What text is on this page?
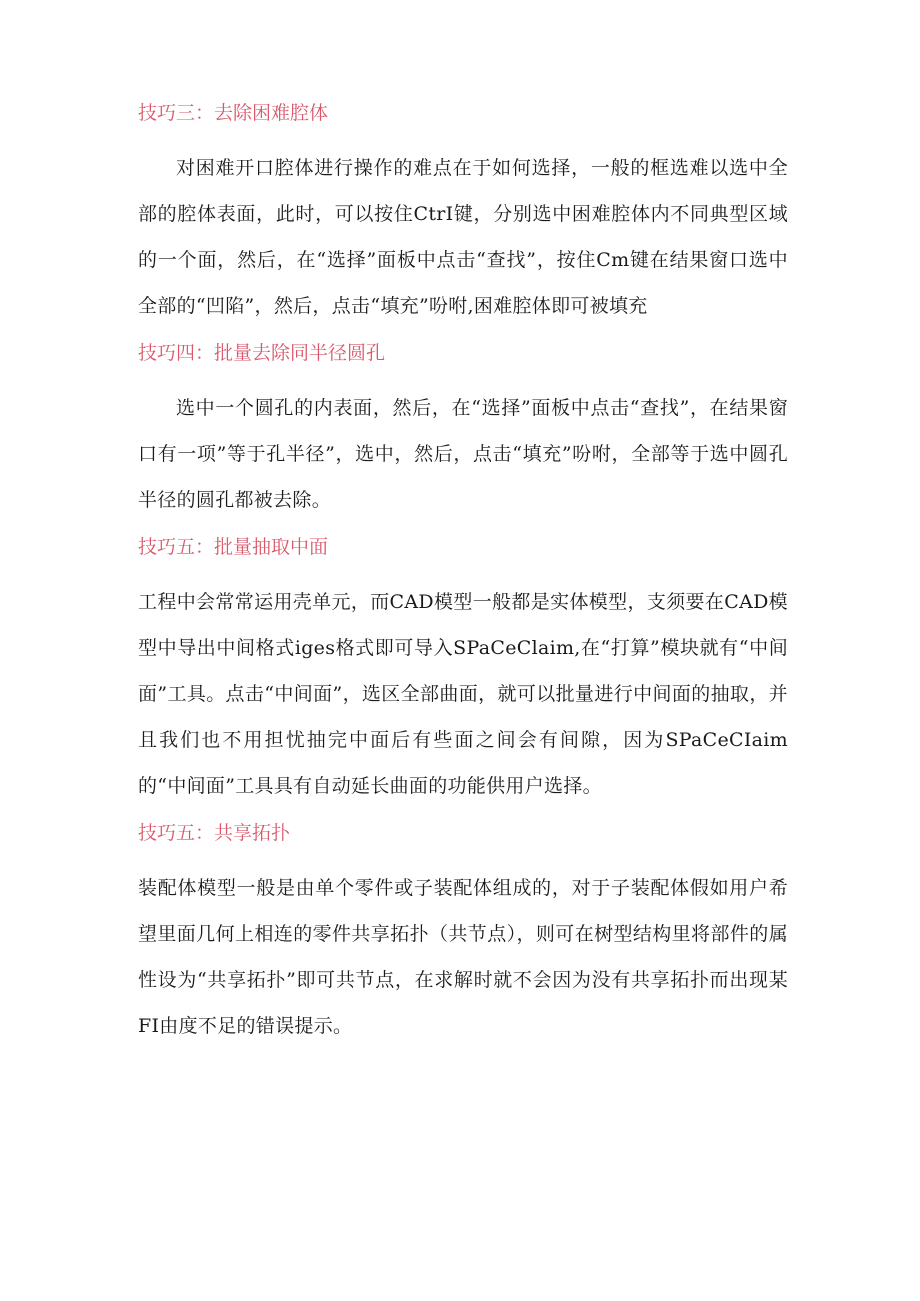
技巧三：去除困难腔体

对困难开口腔体进行操作的难点在于如何选择，一般的框选难以选中全部的腔体表面，此时，可以按住CtrI键，分别选中困难腔体内不同典型区域的一个面，然后，在“选择”面板中点击“查找”，按住Cm键在结果窗口选中全部的“凹陷”，然后，点击“填充”吩咐,困难腔体即可被填充

技巧四：批量去除同半径圆孔

选中一个圆孔的内表面，然后，在“选择”面板中点击“查找”，在结果窗口有一项”等于孔半径”，选中，然后，点击“填充”吩咐，全部等于选中圆孔半径的圆孔都被去除。

技巧五：批量抽取中面

工程中会常常运用壳单元，而CAD模型一般都是实体模型，支须要在CAD模型中导出中间格式iges格式即可导入SPaCeClaim,在“打算”模块就有“中间面”工具。点击“中间面”，选区全部曲面，就可以批量进行中间面的抽取，并且我们也不用担忧抽完中面后有些面之间会有间隙，因为SPaCeCIaim的“中间面”工具具有自动延长曲面的功能供用户选择。

技巧五：共享拓扑

装配体模型一般是由单个零件或子装配体组成的，对于子装配体假如用户希望里面几何上相连的零件共享拓扑（共节点），则可在树型结构里将部件的属性设为“共享拓扑”即可共节点，在求解时就不会因为没有共享拓扑而出现某FI由度不足的错误提示。
